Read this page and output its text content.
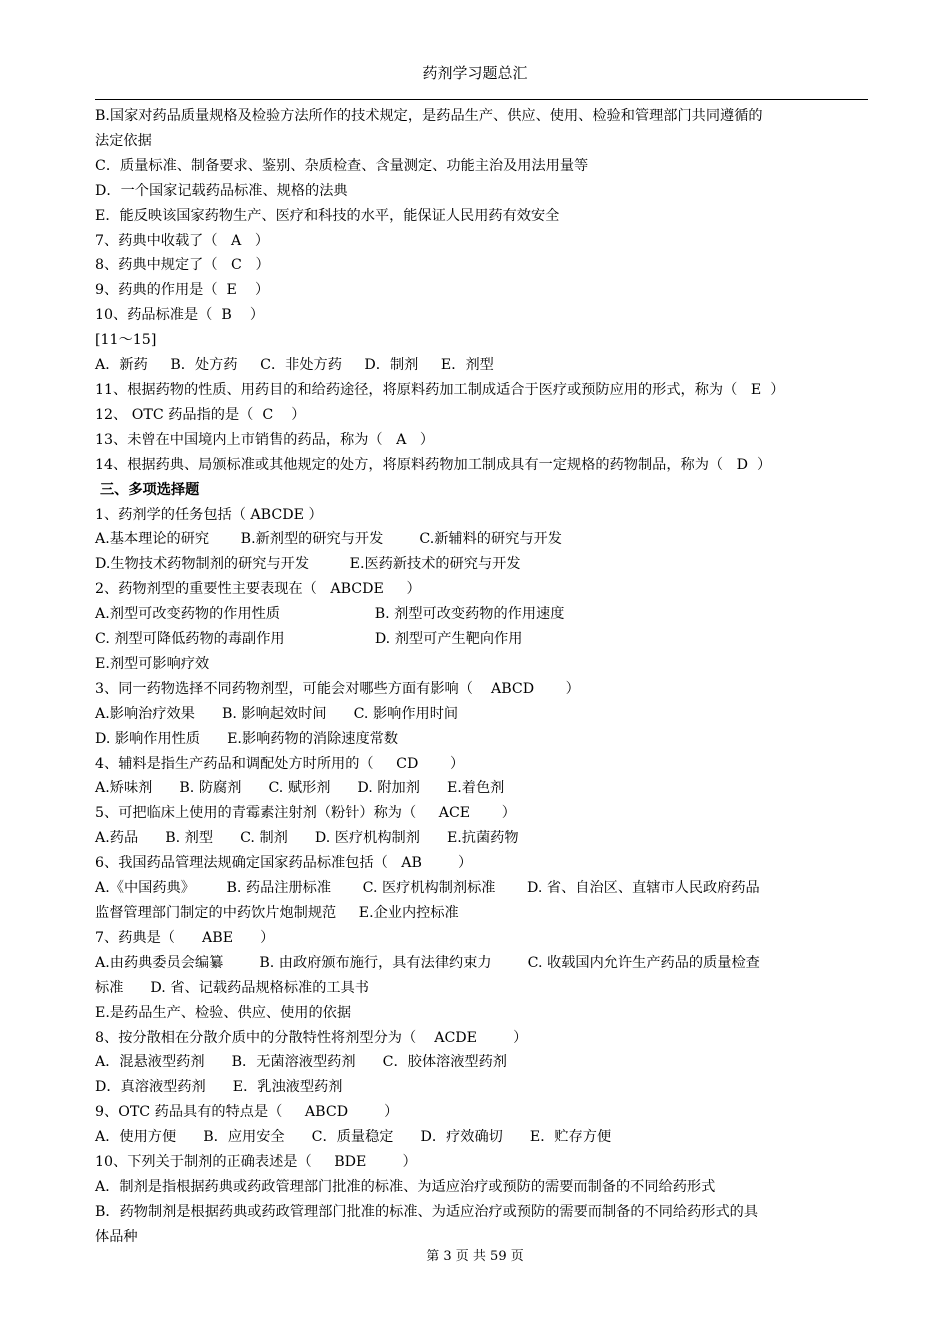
药剂学习题总汇
B.国家对药品质量规格及检验方法所作的技术规定，是药品生产、供应、使用、检验和管理部门共同遵循的
法定依据
C．质量标准、制备要求、鉴别、杂质检查、含量测定、功能主治及用法用量等
D．一个国家记载药品标准、规格的法典
E．能反映该国家药物生产、医疗和科技的水平，能保证人民用药有效安全
7、药典中收载了（   A   ）
8、药典中规定了（   C   ）
9、药典的作用是（  E    ）
10、药品标准是（  B    ）
[11～15]
A．新药     B．处方药     C．非处方药     D．制剂     E．剂型
11、根据药物的性质、用药目的和给药途径，将原料药加工制成适合于医疗或预防应用的形式，称为（   E  ）
12、 OTC 药品指的是（  C    ）
13、未曾在中国境内上市销售的药品，称为（   A   ）
14、根据药典、局颁标准或其他规定的处方，将原料药物加工制成具有一定规格的药物制品，称为（   D  ）
三、多项选择题
1、药剂学的任务包括（ ABCDE ）
A.基本理论的研究       B.新剂型的研究与开发        C.新辅料的研究与开发
D.生物技术药物制剂的研究与开发         E.医药新技术的研究与开发
2、药物剂型的重要性主要表现在（   ABCDE     ）
A.剂型可改变药物的作用性质                     B. 剂型可改变药物的作用速度
C. 剂型可降低药物的毒副作用                    D. 剂型可产生靶向作用
E.剂型可影响疗效
3、同一药物选择不同药物剂型，可能会对哪些方面有影响（    ABCD       ）
A.影响治疗效果      B. 影响起效时间      C. 影响作用时间
D. 影响作用性质      E.影响药物的消除速度常数
4、辅料是指生产药品和调配处方时所用的（     CD       ）
A.矫味剂      B. 防腐剂      C. 赋形剂      D. 附加剂      E.着色剂
5、可把临床上使用的青霉素注射剂（粉针）称为（     ACE       ）
A.药品      B. 剂型      C. 制剂      D. 医疗机构制剂      E.抗菌药物
6、我国药品管理法规确定国家药品标准包括（   AB        ）
A.《中国药典》       B. 药品注册标准       C. 医疗机构制剂标准       D. 省、自治区、直辖市人民政府药品
监督管理部门制定的中药饮片炮制规范     E.企业内控标准
7、药典是（      ABE      ）
A.由药典委员会编纂        B. 由政府颁布施行，具有法律约束力        C. 收载国内允许生产药品的质量检查
标准      D. 省、记载药品规格标准的工具书
E.是药品生产、检验、供应、使用的依据
8、按分散相在分散介质中的分散特性将剂型分为（    ACDE        ）
A．混悬液型药剂      B．无菌溶液型药剂      C．胶体溶液型药剂
D．真溶液型药剂      E．乳浊液型药剂
9、OTC 药品具有的特点是（     ABCD        ）
A．使用方便      B．应用安全      C．质量稳定      D．疗效确切      E．贮存方便
10、下列关于制剂的正确表述是（     BDE        ）
A．制剂是指根据药典或药政管理部门批准的标准、为适应治疗或预防的需要而制备的不同给药形式
B．药物制剂是根据药典或药政管理部门批准的标准、为适应治疗或预防的需要而制备的不同给药形式的具
体品种
第 3 页 共 59 页
